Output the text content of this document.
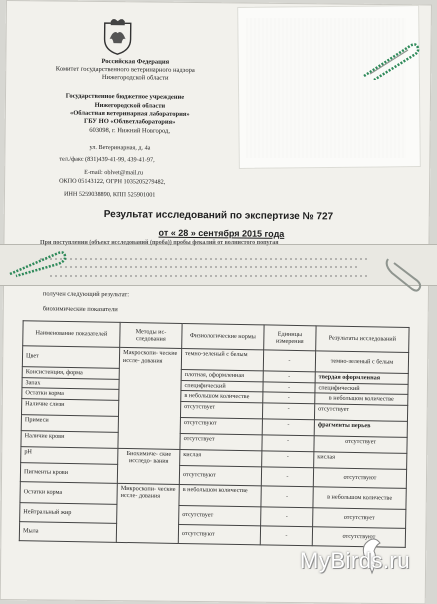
Российская Федерация
Комитет государственного ветеринарного надзора
Нижегородской области
Государственное бюджетное учреждение
Нижегородской области
«Областная ветеринарная лаборатория»
ГБУ НО «Облветлаборатория»
603098, г. Нижний Новгород,
ул. Ветеринарная, д. 4а
тел./факс (831)439-41-99, 439-41-97,
E-mail: oblvet@mail.ru
ОКПО 05143122, ОГРН 1035205279482,
ИНН 5259038890, КПП 525901001
Результат исследований по экспертизе № 727
от « 28 » сентября 2015 года
получен следующий результат:
биохимические показатели
Наименование показателей	Методы ис- следования	Физиологические нормы	Единицы измерения	Результаты исследований
Цвет	Макроскопи- ческие иссле- дования	темно-зеленый с белым	-	темно-зеленый с белым
Консистенция, форма		плотная, оформленная	-	твердая оформленная
Запах		специфический	-	специфический
Остатки корма		в небольшом количестве	-	в небольшом количестве
Наличие слизи		отсутствует	-	отсутствует
Примеси		отсутствуют	-	фрагменты перьев
Наличие крови		отсутствует	-	отсутствует
pH	Биохимиче- ские исследо- вания	кислая	-	кислая
Пигменты крови		отсутствуют	-	отсутствуют
Остатки корма	Микроскопи- ческие иссле- дования	в небольшом количестве	-	в небольшом количестве
Нейтральный жир		отсутствует	-	отсутствует
Мыла		отсутствуют	-	отсутствуют
При поступлении (объект исследований (проба)) пробы фекалий от волнистого попугая
MyBirds.ru
